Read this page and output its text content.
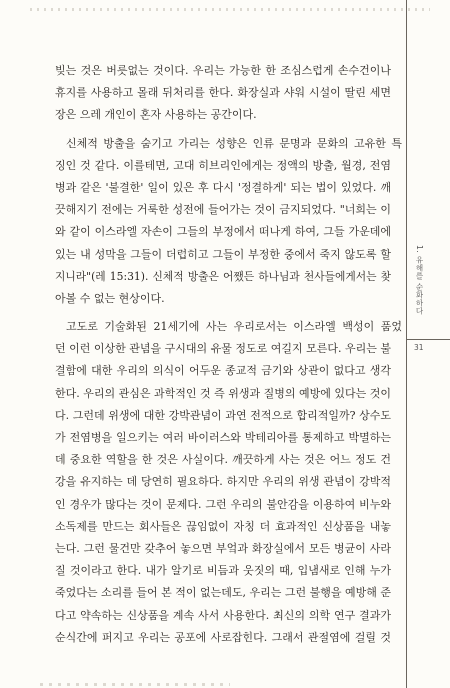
1. 유해를 순화하다
31

빚는 것은 버릇없는 것이다. 우리는 가능한 한 조심스럽게 손수건이나
휴지를 사용하고 몰래 뒤처리를 한다. 화장실과 샤워 시설이 딸린 세면
장은 으레 개인이 혼자 사용하는 공간이다.

신체적 방출을 숨기고 가리는 성향은 인류 문명과 문화의 고유한 특
징인 것 같다. 이를테면, 고대 히브리인에게는 정액의 방출, 월경, 전염
병과 같은 '불결한' 일이 있은 후 다시 '정결하게' 되는 법이 있었다. 깨
끗해지기 전에는 거룩한 성전에 들어가는 것이 금지되었다. "너희는 이
와 같이 이스라엘 자손이 그들의 부정에서 떠나게 하여, 그들 가운데에
있는 내 성막을 그들이 더럽히고 그들이 부정한 중에서 죽지 않도록 할
지니라"(레 15:31). 신체적 방출은 어쨌든 하나님과 천사들에게서는 찾
아볼 수 없는 현상이다.

고도로 기술화된 21세기에 사는 우리로서는 이스라엘 백성이 품었
던 이런 이상한 관념을 구시대의 유물 정도로 여길지 모른다. 우리는 불
결함에 대한 우리의 의식이 어두운 종교적 금기와 상관이 없다고 생각
한다. 우리의 관심은 과학적인 것 즉 위생과 질병의 예방에 있다는 것이
다. 그런데 위생에 대한 강박관념이 과연 전적으로 합리적일까? 상수도
가 전염병을 일으키는 여러 바이러스와 박테리아를 통제하고 박멸하는
데 중요한 역할을 한 것은 사실이다. 깨끗하게 사는 것은 어느 정도 건
강을 유지하는 데 당연히 필요하다. 하지만 우리의 위생 관념이 강박적
인 경우가 많다는 것이 문제다. 그런 우리의 불안감을 이용하여 비누와
소독제를 만드는 회사들은 끊임없이 자칭 더 효과적인 신상품을 내놓
는다. 그런 물건만 갖추어 놓으면 부엌과 화장실에서 모든 병균이 사라
질 것이라고 한다. 내가 알기로 비듬과 웃짓의 때, 입냄새로 인해 누가
죽었다는 소리를 들어 본 적이 없는데도, 우리는 그런 불행을 예방해 준
다고 약속하는 신상품을 계속 사서 사용한다. 최신의 의학 연구 결과가
순식간에 퍼지고 우리는 공포에 사로잡힌다. 그래서 관절염에 걸릴 것
